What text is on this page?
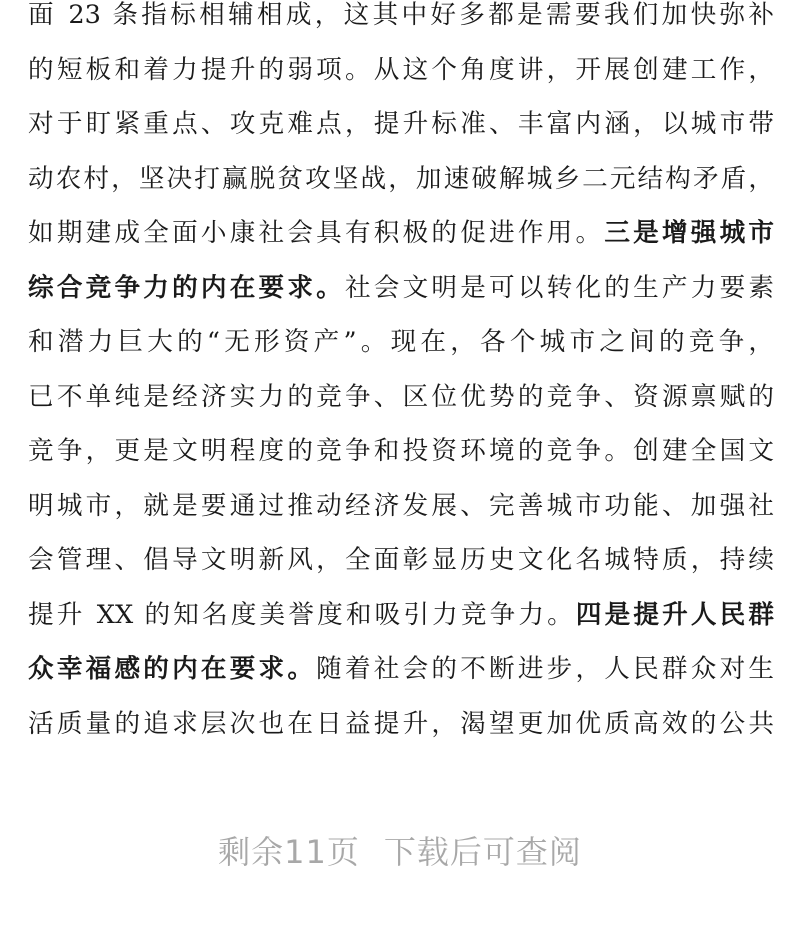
面 23 条指标相辅相成，这其中好多都是需要我们加快弥补
的短板和着力提升的弱项。从这个角度讲，开展创建工作，
对于盯紧重点、攻克难点，提升标准、丰富内涵，以城市带
动农村，坚决打赢脱贫攻坚战，加速破解城乡二元结构矛盾，
如期建成全面小康社会具有积极的促进作用。三是增强城市
综合竞争力的内在要求。社会文明是可以转化的生产力要素
和潜力巨大的“无形资产”。现在，各个城市之间的竞争，
已不单纯是经济实力的竞争、区位优势的竞争、资源禀赋的
竞争，更是文明程度的竞争和投资环境的竞争。创建全国文
明城市，就是要通过推动经济发展、完善城市功能、加强社
会管理、倡导文明新风，全面彰显历史文化名城特质，持续
提升 XX 的知名度美誉度和吸引力竞争力。四是提升人民群
众幸福感的内在要求。随着社会的不断进步，人民群众对生
活质量的追求层次也在日益提升，渴望更加优质高效的公共
剩余11页 下载后可查阅
